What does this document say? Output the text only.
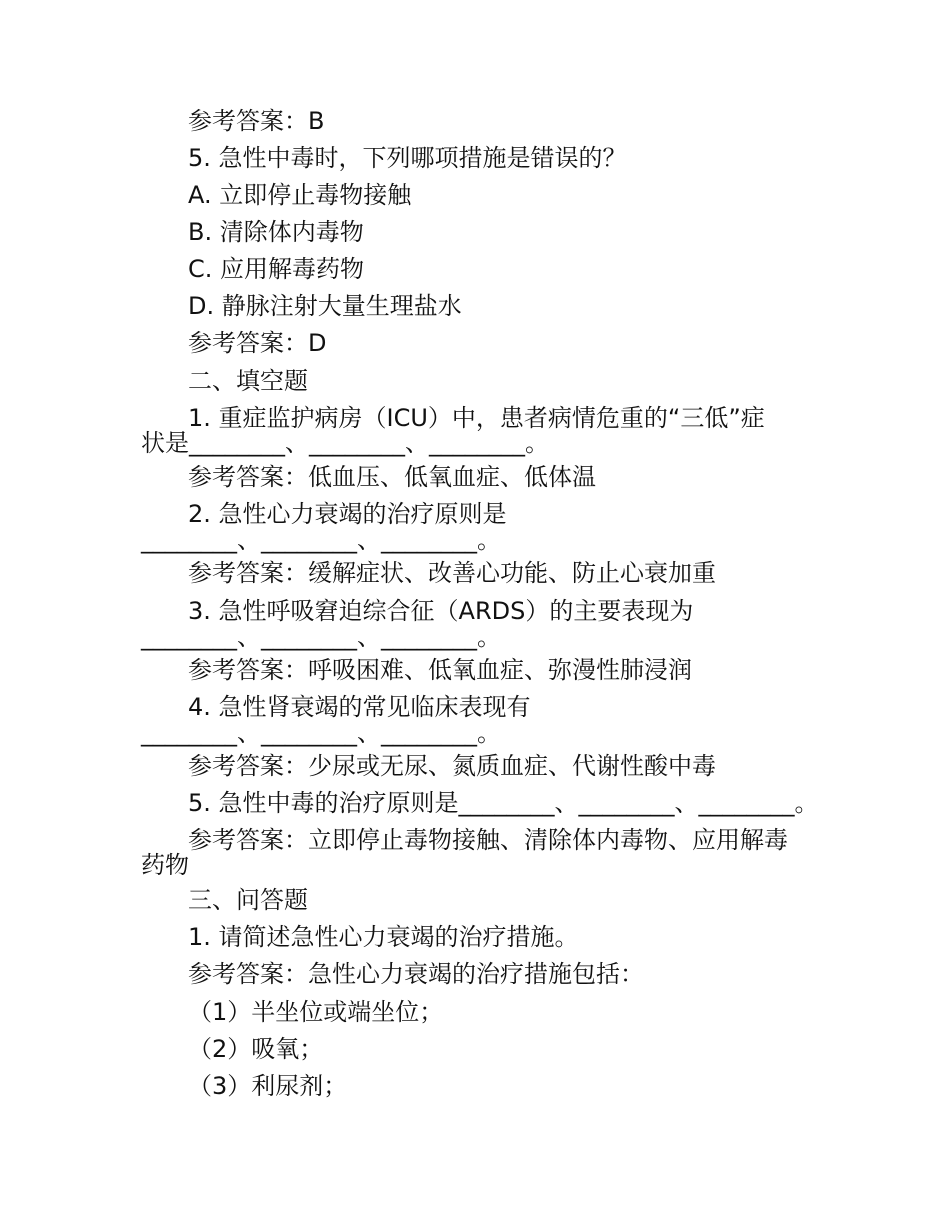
参考答案：B

5. 急性中毒时，下列哪项措施是错误的？

A. 立即停止毒物接触

B. 清除体内毒物

C. 应用解毒药物

D. 静脉注射大量生理盐水

参考答案：D

二、填空题

1. 重症监护病房（ICU）中，患者病情危重的“三低”症

状是________、________、________。

参考答案：低血压、低氧血症、低体温

2. 急性心力衰竭的治疗原则是

________、________、________。

参考答案：缓解症状、改善心功能、防止心衰加重

3. 急性呼吸窘迫综合征（ARDS）的主要表现为

________、________、________。

参考答案：呼吸困难、低氧血症、弥漫性肺浸润

4. 急性肾衰竭的常见临床表现有

________、________、________。

参考答案：少尿或无尿、氮质血症、代谢性酸中毒

5. 急性中毒的治疗原则是________、________、________。

参考答案：立即停止毒物接触、清除体内毒物、应用解毒

药物

三、问答题

1. 请简述急性心力衰竭的治疗措施。

参考答案：急性心力衰竭的治疗措施包括：

（1）半坐位或端坐位；

（2）吸氧；

（3）利尿剂；
